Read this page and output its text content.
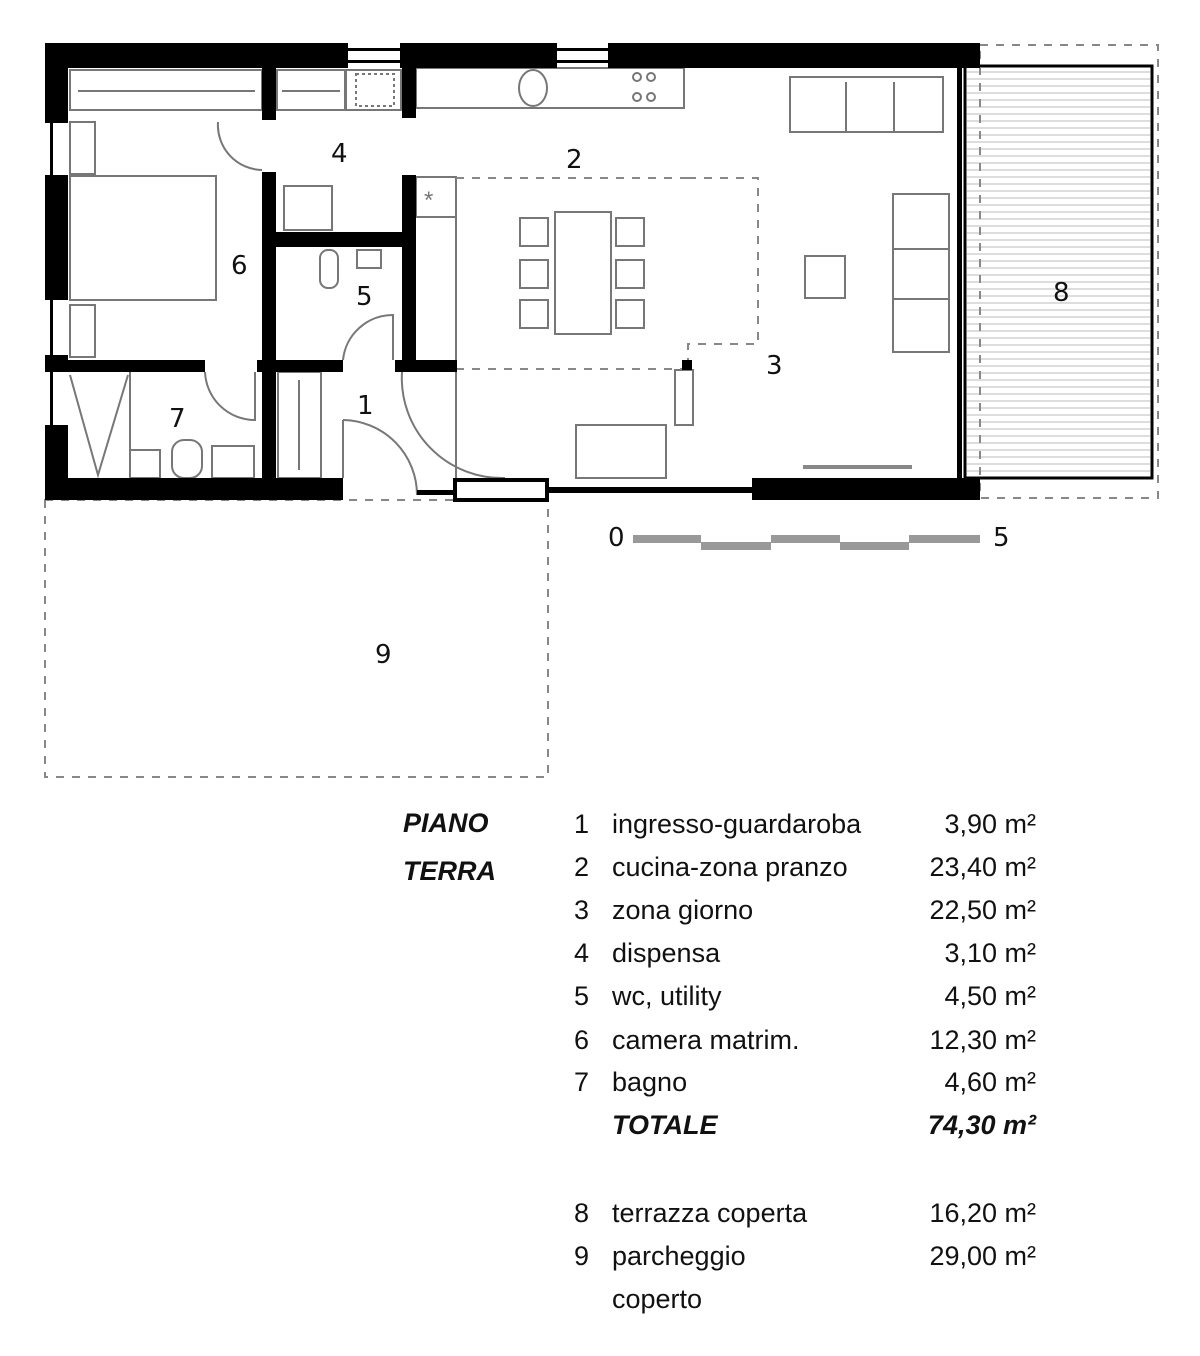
*
0	5
1
2
3
4
5
6
7
8
9
PIANO
TERRA
1 ingresso-guardaroba	3,90 m²
2 cucina-zona pranzo	23,40 m²
3 zona giorno	22,50 m²
4 dispensa	3,10 m²
5 wc, utility	4,50 m²
6 camera matrim.	12,30 m²
7 bagno	4,60 m²
TOTALE	74,30 m²
8 terrazza coperta	16,20 m²
9 parcheggio	29,00 m²
coperto
